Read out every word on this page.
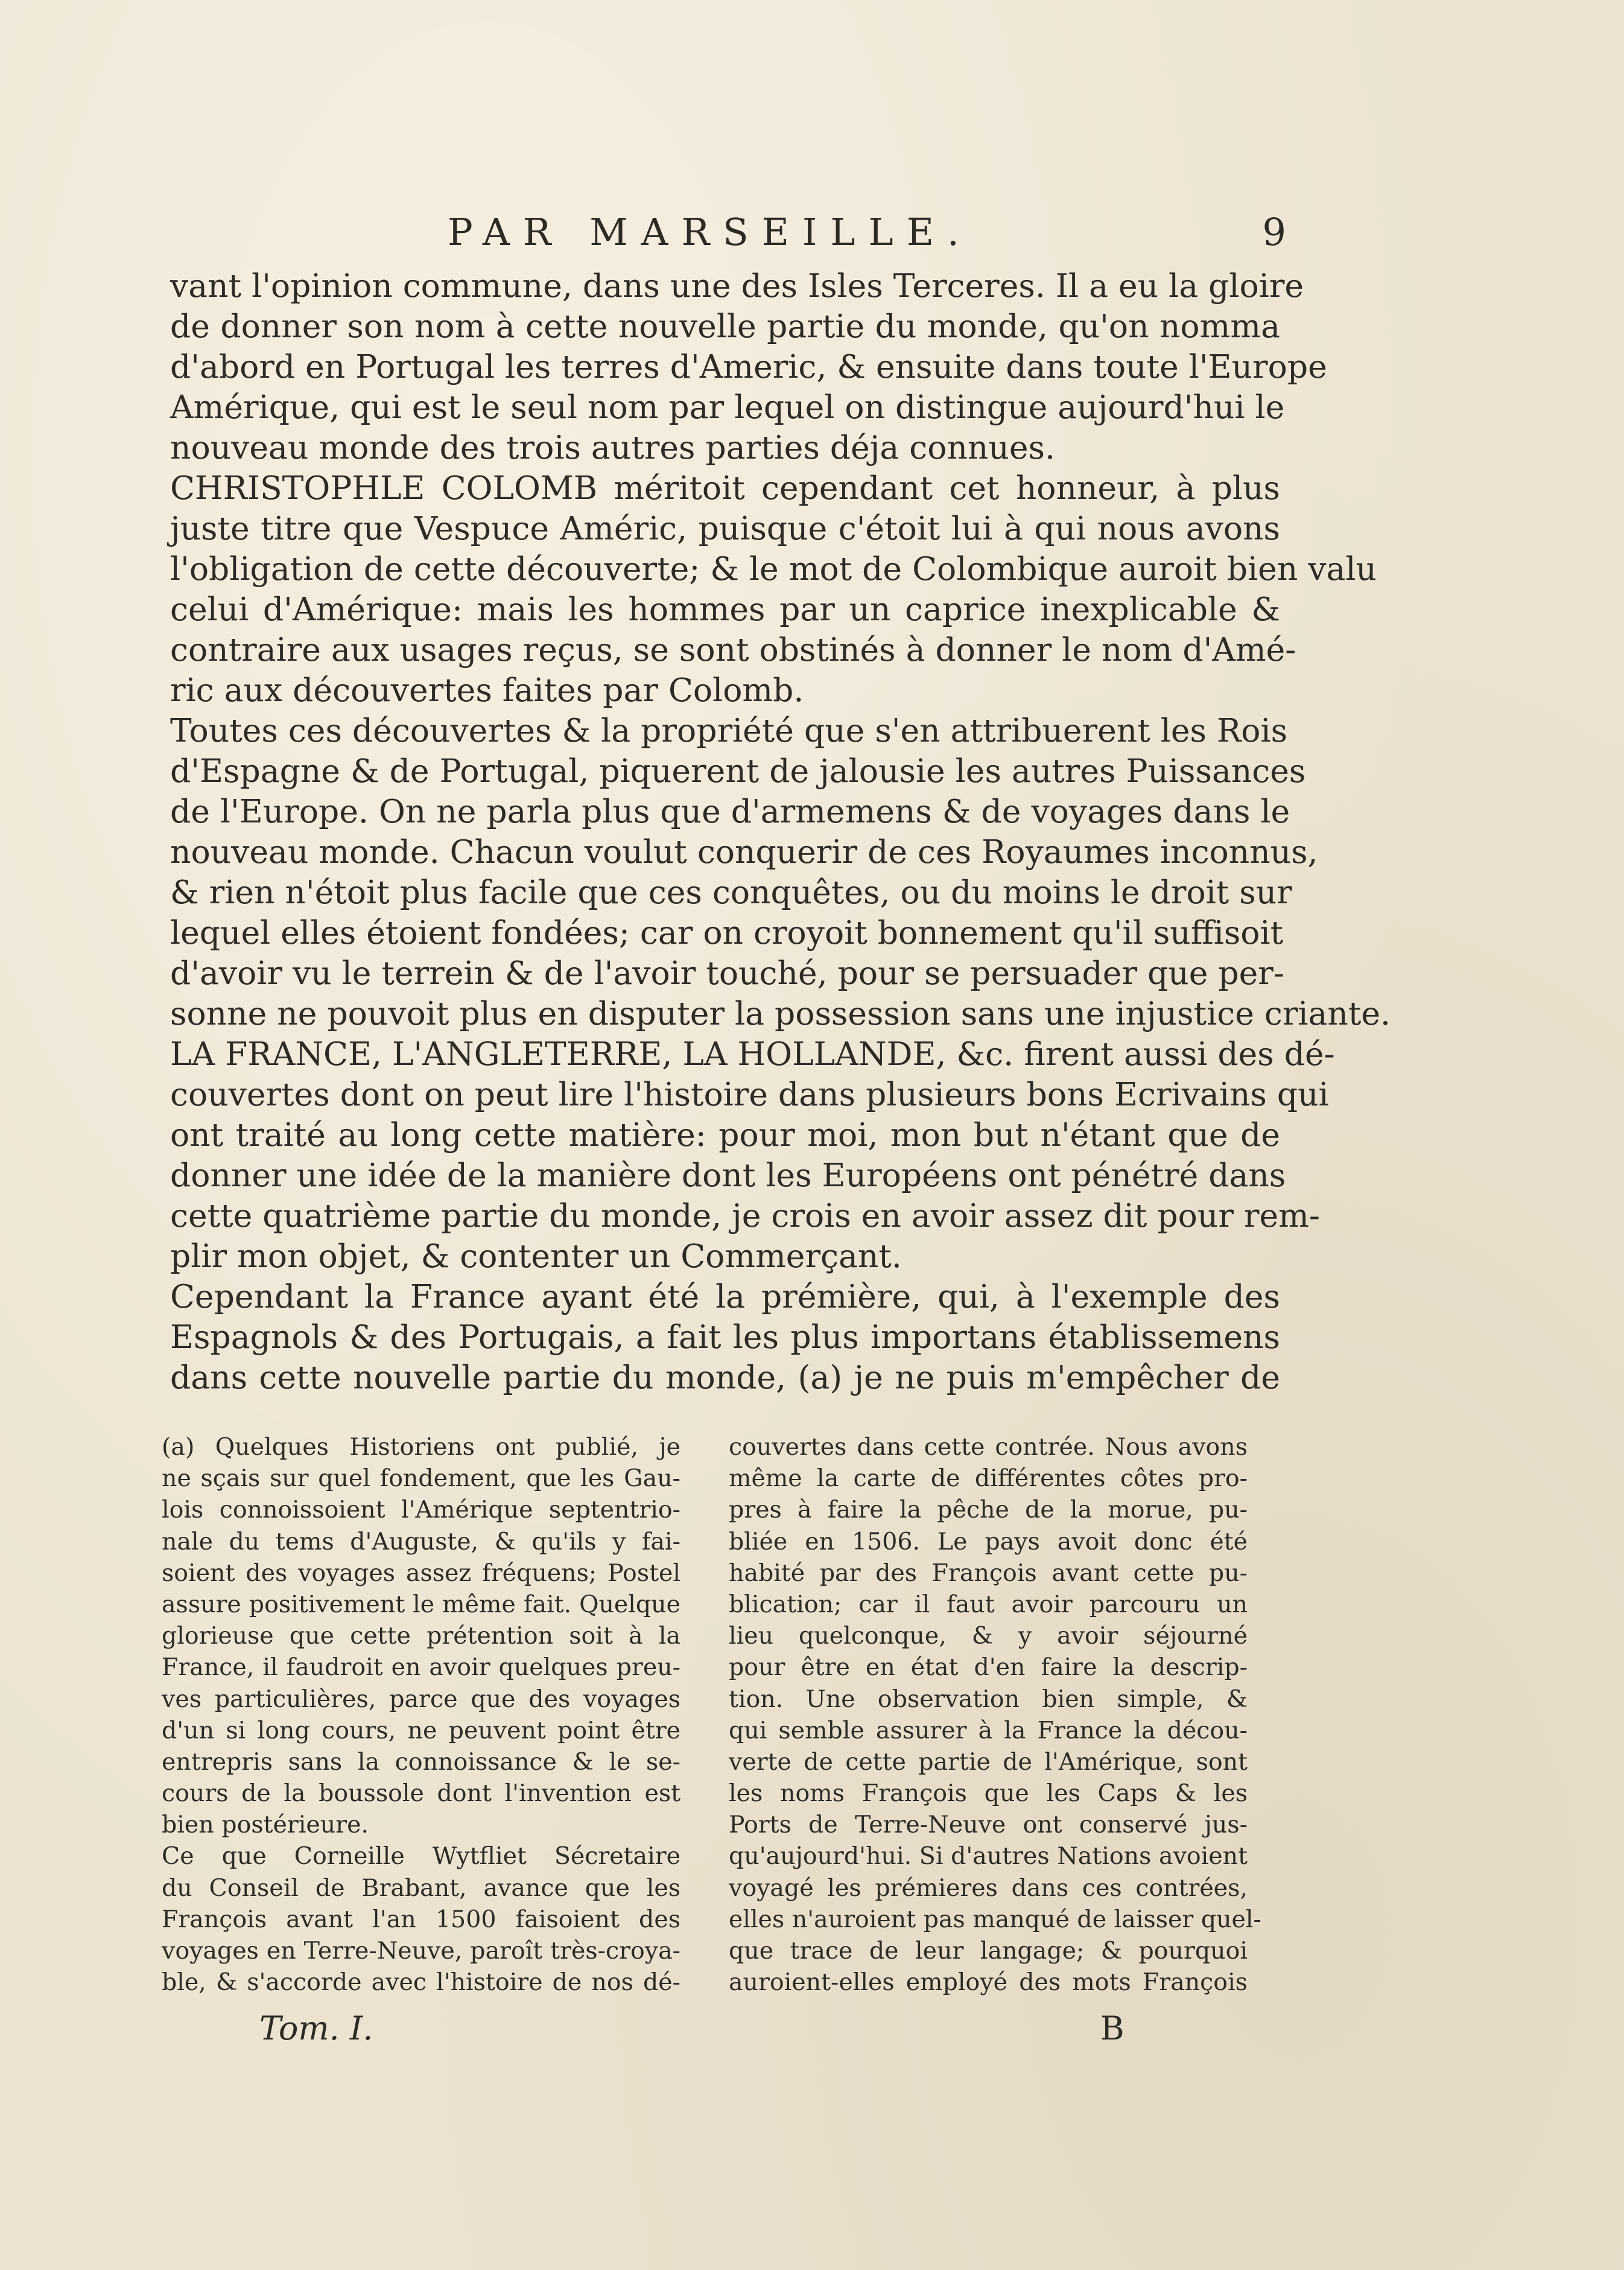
PAR MARSEILLE.	9
vant l'opinion commune, dans une des Isles Terceres. Il a eu la gloire
de donner son nom à cette nouvelle partie du monde, qu'on nomma
d'abord en Portugal les terres d'Americ, & ensuite dans toute l'Europe
Amérique, qui est le seul nom par lequel on distingue aujourd'hui le
nouveau monde des trois autres parties déja connues.
CHRISTOPHLE COLOMB méritoit cependant cet honneur, à plus
juste titre que Vespuce Améric, puisque c'étoit lui à qui nous avons
l'obligation de cette découverte; & le mot de Colombique auroit bien valu
celui d'Amérique: mais les hommes par un caprice inexplicable &
contraire aux usages reçus, se sont obstinés à donner le nom d'Amé-
ric aux découvertes faites par Colomb.
Toutes ces découvertes & la propriété que s'en attribuerent les Rois
d'Espagne & de Portugal, piquerent de jalousie les autres Puissances
de l'Europe. On ne parla plus que d'armemens & de voyages dans le
nouveau monde. Chacun voulut conquerir de ces Royaumes inconnus,
& rien n'étoit plus facile que ces conquêtes, ou du moins le droit sur
lequel elles étoient fondées; car on croyoit bonnement qu'il suffisoit
d'avoir vu le terrein & de l'avoir touché, pour se persuader que per-
sonne ne pouvoit plus en disputer la possession sans une injustice criante.
LA FRANCE, L'ANGLETERRE, LA HOLLANDE, &c. firent aussi des dé-
couvertes dont on peut lire l'histoire dans plusieurs bons Ecrivains qui
ont traité au long cette matière: pour moi, mon but n'étant que de
donner une idée de la manière dont les Européens ont pénétré dans
cette quatrième partie du monde, je crois en avoir assez dit pour rem-
plir mon objet, & contenter un Commerçant.
Cependant la France ayant été la prémière, qui, à l'exemple des
Espagnols & des Portugais, a fait les plus importans établissemens
dans cette nouvelle partie du monde, (a) je ne puis m'empêcher de
(a) Quelques Historiens ont publié, je
ne sçais sur quel fondement, que les Gau-
lois connoissoient l'Amérique septentrio-
nale du tems d'Auguste, & qu'ils y fai-
soient des voyages assez fréquens; Postel
assure positivement le même fait. Quelque
glorieuse que cette prétention soit à la
France, il faudroit en avoir quelques preu-
ves particulières, parce que des voyages
d'un si long cours, ne peuvent point être
entrepris sans la connoissance & le se-
cours de la boussole dont l'invention est
bien postérieure.
Ce que Corneille Wytfliet Sécretaire
du Conseil de Brabant, avance que les
François avant l'an 1500 faisoient des
voyages en Terre-Neuve, paroît très-croya-
ble, & s'accorde avec l'histoire de nos dé-
couvertes dans cette contrée. Nous avons
même la carte de différentes côtes pro-
pres à faire la pêche de la morue, pu-
bliée en 1506. Le pays avoit donc été
habité par des François avant cette pu-
blication; car il faut avoir parcouru un
lieu quelconque, & y avoir séjourné
pour être en état d'en faire la descrip-
tion. Une observation bien simple, &
qui semble assurer à la France la décou-
verte de cette partie de l'Amérique, sont
les noms François que les Caps & les
Ports de Terre-Neuve ont conservé jus-
qu'aujourd'hui. Si d'autres Nations avoient
voyagé les prémieres dans ces contrées,
elles n'auroient pas manqué de laisser quel-
que trace de leur langage; & pourquoi
auroient-elles employé des mots François
Tom. I.	B
